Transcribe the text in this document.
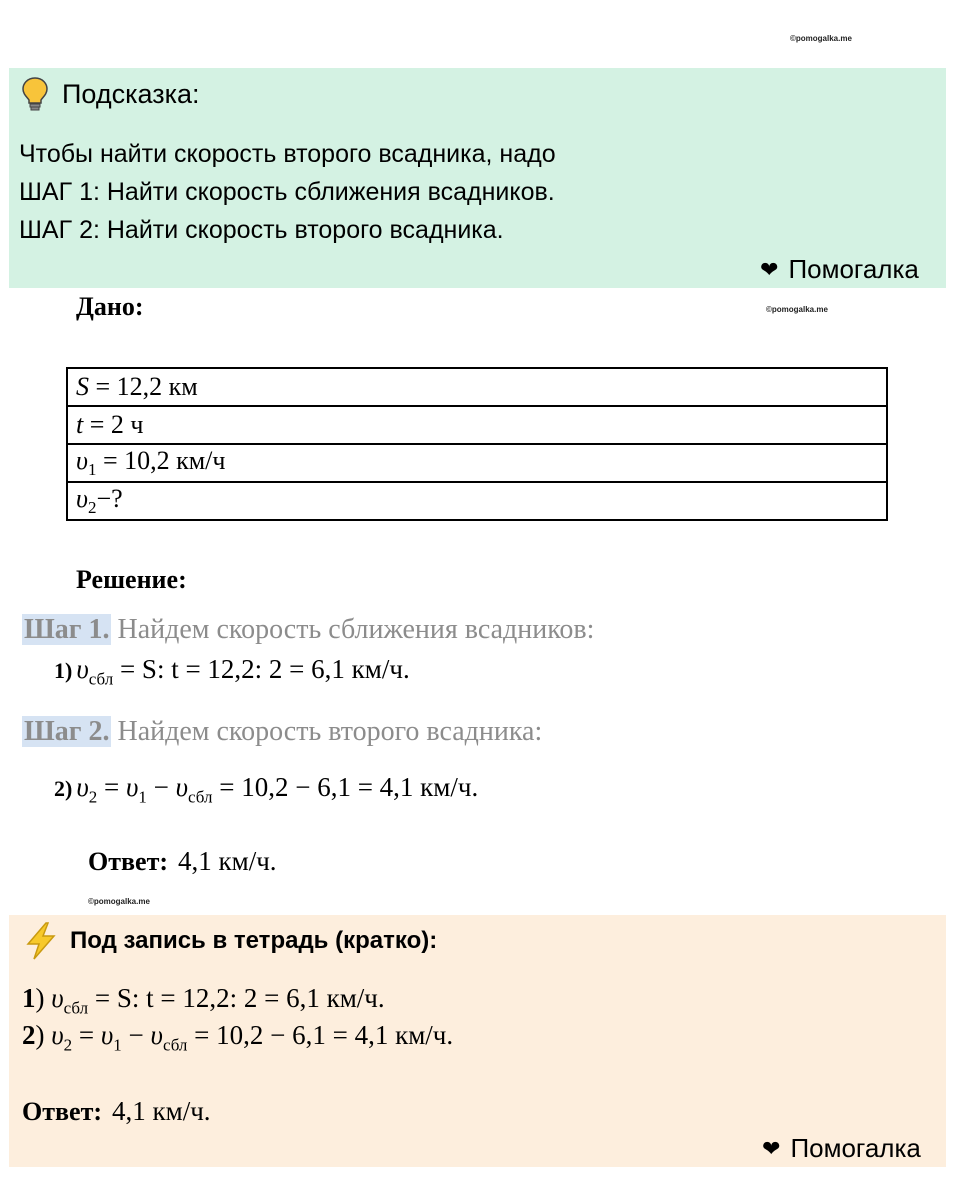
©pomogalka.me
©pomogalka.me
©pomogalka.me
Подсказка:
Чтобы найти скорость второго всадника, надо
ШАГ 1: Найти скорость сближения всадников.
ШАГ 2: Найти скорость второго всадника.
❤ Помогалка
Дано:
S = 12,2 км
t = 2 ч
$\upsilon_1 = 10,2$ км/ч
$\upsilon_2-$?
Решение:
Шаг 1. Найдем скорость сближения всадников:
1) $\upsilon_{сбл} = S$: t = 12,2: 2 = 6,1 км/ч.
Шаг 2. Найдем скорость второго всадника:
2) $\upsilon_2 = \upsilon_1 - \upsilon_{сбл} = 10,2 - 6,1 = 4,1$ км/ч.
Ответ: 4,1 км/ч.
Под запись в тетрадь (кратко):
1) $\upsilon_{сбл} = S$: t = 12,2: 2 = 6,1 км/ч.
2) $\upsilon_2 = \upsilon_1 - \upsilon_{сбл} = 10,2 - 6,1 = 4,1$ км/ч.
Ответ: 4,1 км/ч.
❤ Помогалка
